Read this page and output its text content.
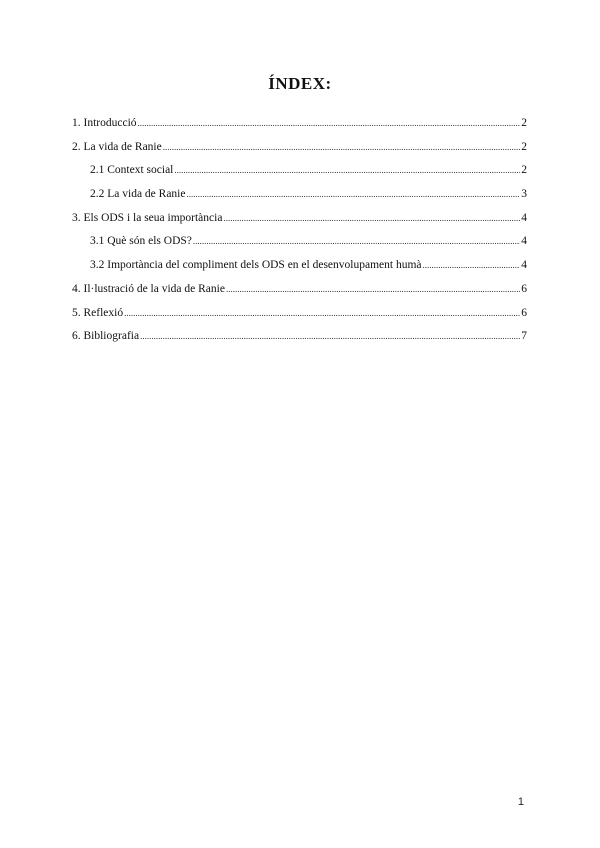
ÍNDEX:
1. Introducció .....	2
2. La vida de Ranie .....	2
2.1 Context social .....	2
2.2 La vida de Ranie .....	3
3. Els ODS i la seua importància .....	4
3.1 Què són els ODS? .....	4
3.2 Importància del compliment dels ODS en el desenvolupament humà .....	4
4. Il·lustració de la vida de Ranie .....	6
5. Reflexió .....	6
6. Bibliografia .....	7
1
